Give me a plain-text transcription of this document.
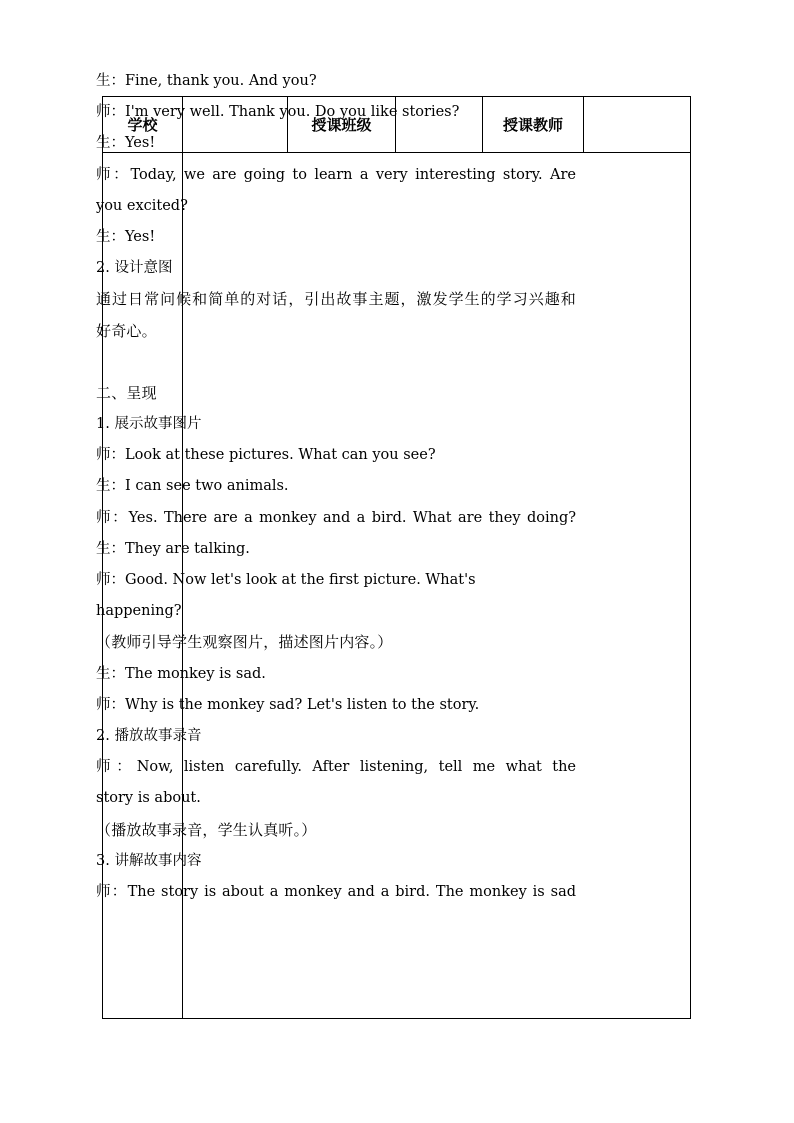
学校	授课班级	授课教师
生：Fine, thank you. And you?
师：I'm very well. Thank you. Do you like stories?
生：Yes!
师：Today, we are going to learn a very interesting story. Are
you excited?
生：Yes!
2. 设计意图
通过日常问候和简单的对话，引出故事主题，激发学生的学习兴趣和
好奇心。
二、呈现
1. 展示故事图片
师：Look at these pictures. What can you see?
生：I can see two animals.
师：Yes. There are a monkey and a bird. What are they doing?
生：They are talking.
师：Good. Now let's look at the first picture. What's
happening?
（教师引导学生观察图片，描述图片内容。）
生：The monkey is sad.
师：Why is the monkey sad? Let's listen to the story.
2. 播放故事录音
师：Now, listen carefully. After listening, tell me what the
story is about.
（播放故事录音，学生认真听。）
3. 讲解故事内容
师：The story is about a monkey and a bird. The monkey is sad
